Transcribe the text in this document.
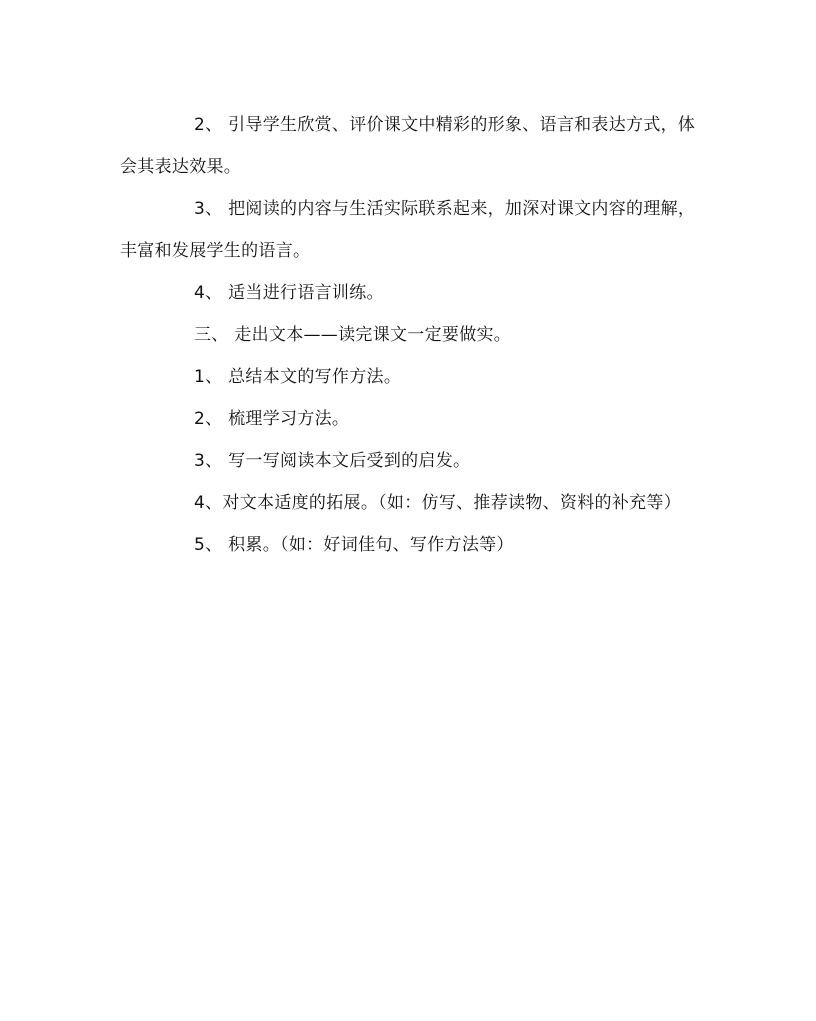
2、 引导学生欣赏、评价课文中精彩的形象、语言和表达方式，体会其表达效果。

3、 把阅读的内容与生活实际联系起来，加深对课文内容的理解，丰富和发展学生的语言。

4、 适当进行语言训练。

三、 走出文本——读完课文一定要做实。

1、 总结本文的写作方法。

2、 梳理学习方法。

3、 写一写阅读本文后受到的启发。

4、对文本适度的拓展。（如：仿写、推荐读物、资料的补充等）

5、 积累。（如：好词佳句、写作方法等）
